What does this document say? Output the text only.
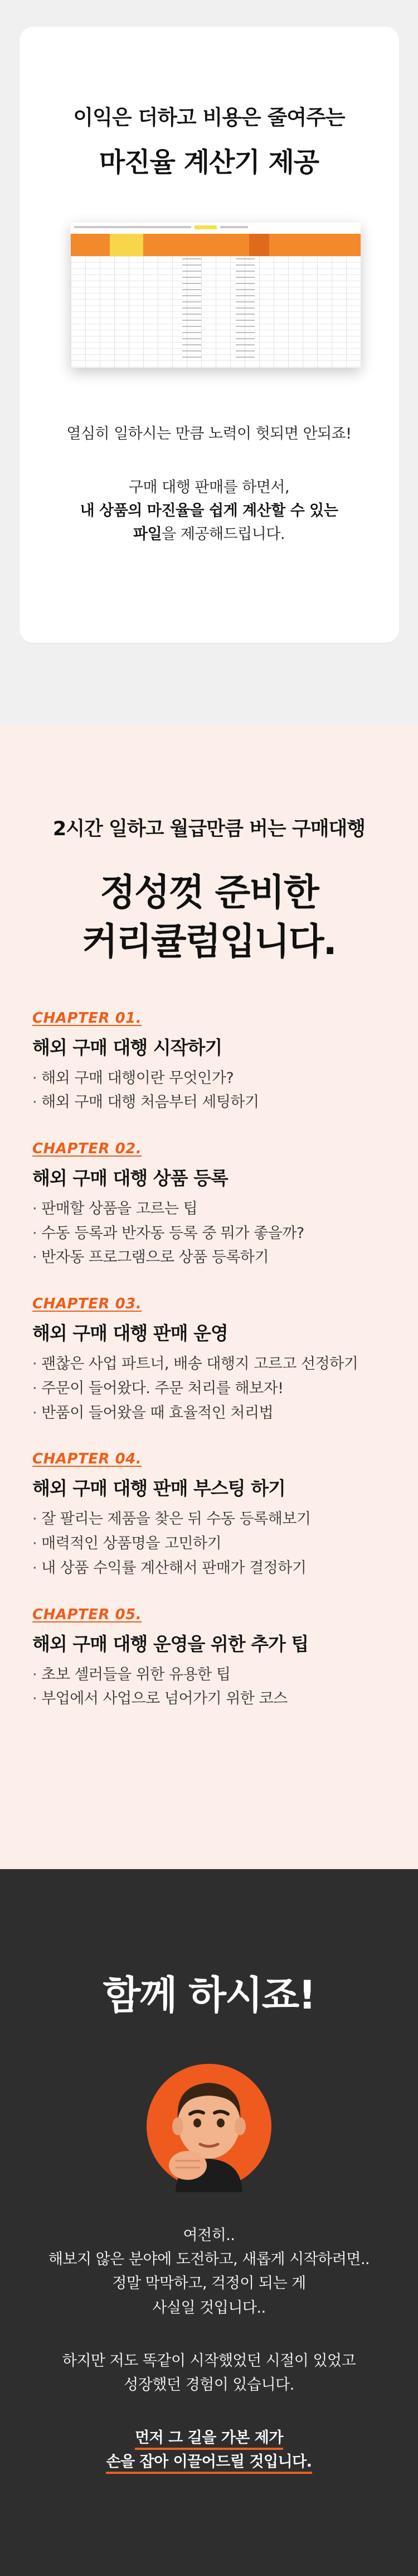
이익은 더하고 비용은 줄여주는
마진율 계산기 제공

열심히 일하시는 만큼 노력이 헛되면 안되죠!

구매 대행 판매를 하면서,

내 상품의 마진율을 쉽게 계산할 수 있는

파일을 제공해드립니다.

2시간 일하고 월급만큼 버는 구매대행
정성껏 준비한
커리큘럼입니다.
CHAPTER 01.
해외 구매 대행 시작하기
· 해외 구매 대행이란 무엇인가?
· 해외 구매 대행 처음부터 세팅하기
CHAPTER 02.
해외 구매 대행 상품 등록
· 판매할 상품을 고르는 팁
· 수동 등록과 반자동 등록 중 뭐가 좋을까?
· 반자동 프로그램으로 상품 등록하기
CHAPTER 03.
해외 구매 대행 판매 운영
· 괜찮은 사업 파트너, 배송 대행지 고르고 선정하기
· 주문이 들어왔다. 주문 처리를 해보자!
· 반품이 들어왔을 때 효율적인 처리법
CHAPTER 04.
해외 구매 대행 판매 부스팅 하기
· 잘 팔리는 제품을 찾은 뒤 수동 등록해보기
· 매력적인 상품명을 고민하기
· 내 상품 수익률 계산해서 판매가 결정하기
CHAPTER 05.
해외 구매 대행 운영을 위한 추가 팁
· 초보 셀러들을 위한 유용한 팁
· 부업에서 사업으로 넘어가기 위한 코스
함께 하시죠!
여전히..
해보지 않은 분야에 도전하고, 새롭게 시작하려면..
정말 막막하고, 걱정이 되는 게
사실일 것입니다..
하지만 저도 똑같이 시작했었던 시절이 있었고
성장했던 경험이 있습니다.
먼저 그 길을 가본 제가
손을 잡아 이끌어드릴 것입니다.
